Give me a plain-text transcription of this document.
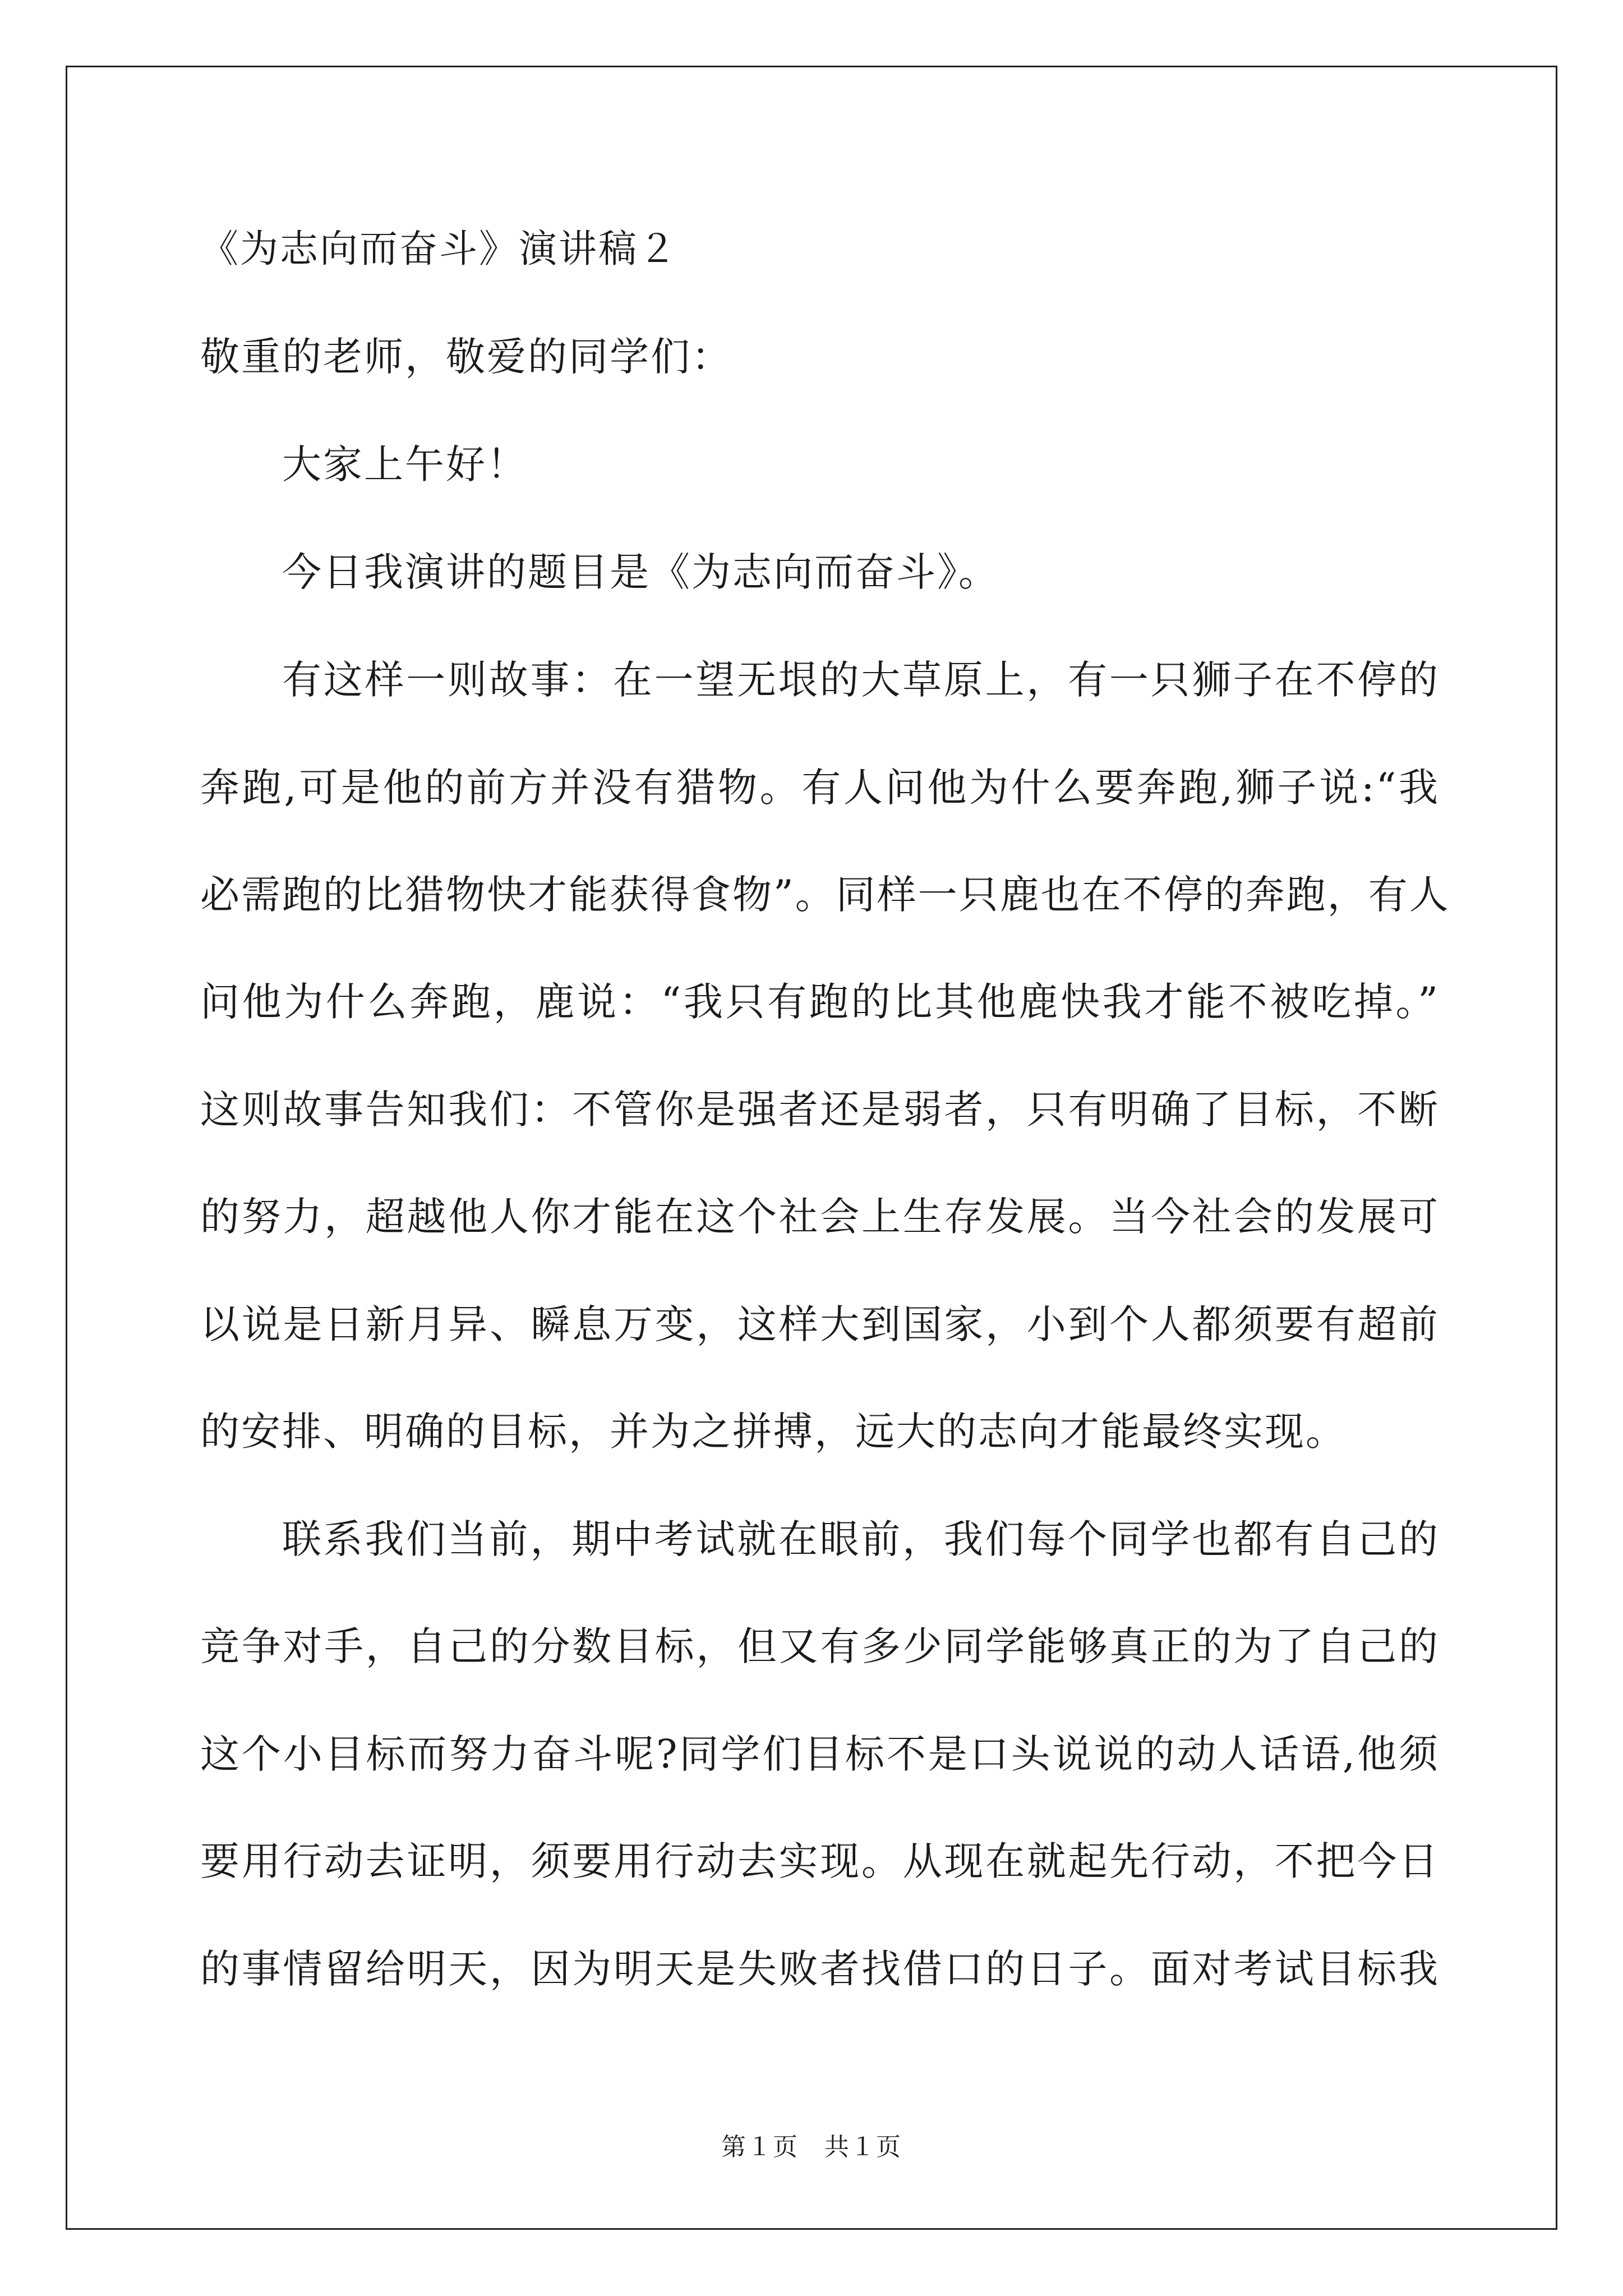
《为志向而奋斗》演讲稿２
敬重的老师，敬爱的同学们：
大家上午好！
今日我演讲的题目是《为志向而奋斗》。
有这样一则故事：在一望无垠的大草原上，有一只狮子在不停的
奔跑,可是他的前方并没有猎物。有人问他为什么要奔跑,狮子说:“我
必需跑的比猎物快才能获得食物”。同样一只鹿也在不停的奔跑，有人
问他为什么奔跑，鹿说：“我只有跑的比其他鹿快我才能不被吃掉。”
这则故事告知我们：不管你是强者还是弱者，只有明确了目标，不断
的努力，超越他人你才能在这个社会上生存发展。当今社会的发展可
以说是日新月异、瞬息万变，这样大到国家，小到个人都须要有超前
的安排、明确的目标，并为之拼搏，远大的志向才能最终实现。
联系我们当前，期中考试就在眼前，我们每个同学也都有自己的
竞争对手，自己的分数目标，但又有多少同学能够真正的为了自己的
这个小目标而努力奋斗呢?同学们目标不是口头说说的动人话语,他须
要用行动去证明，须要用行动去实现。从现在就起先行动，不把今日
的事情留给明天，因为明天是失败者找借口的日子。面对考试目标我
第１页　共１页
